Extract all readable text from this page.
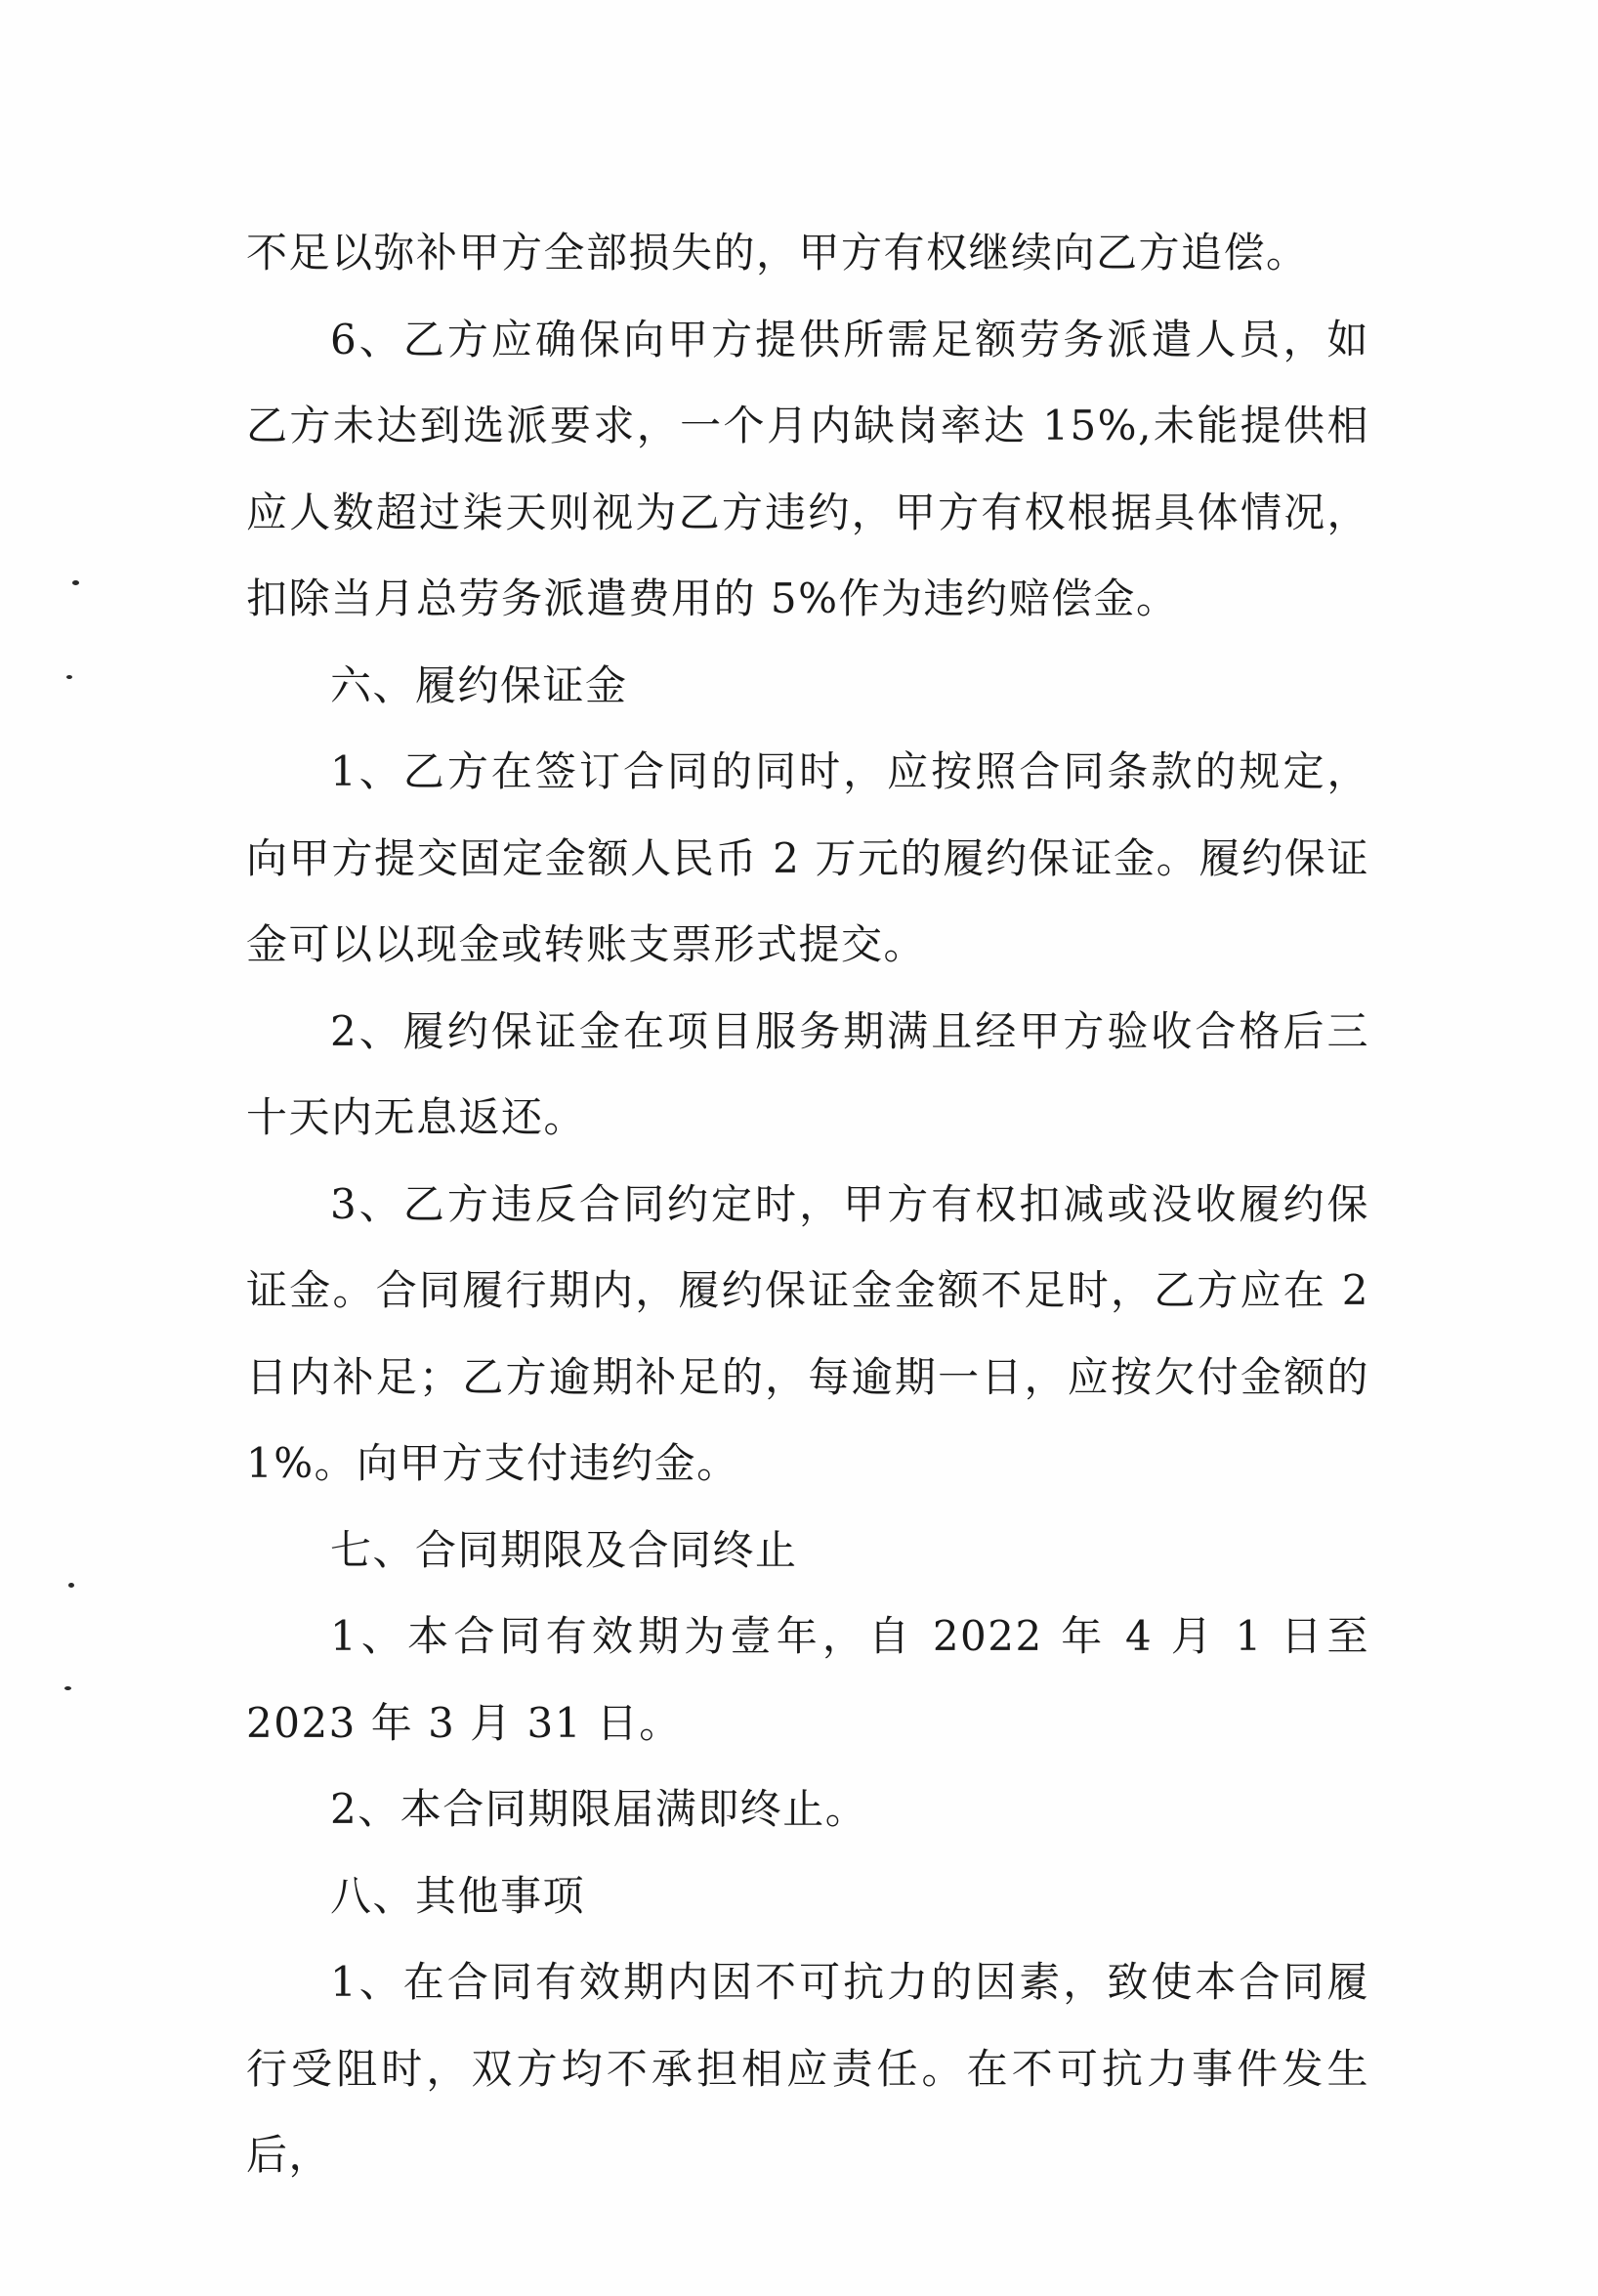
不足以弥补甲方全部损失的，甲方有权继续向乙方追偿。

6、乙方应确保向甲方提供所需足额劳务派遣人员，如乙方未达到选派要求，一个月内缺岗率达 15%,未能提供相应人数超过柒天则视为乙方违约，甲方有权根据具体情况，扣除当月总劳务派遣费用的 5%作为违约赔偿金。

六、履约保证金

1、乙方在签订合同的同时，应按照合同条款的规定，向甲方提交固定金额人民币 2 万元的履约保证金。履约保证金可以以现金或转账支票形式提交。

2、履约保证金在项目服务期满且经甲方验收合格后三十天内无息返还。

3、乙方违反合同约定时，甲方有权扣减或没收履约保证金。合同履行期内，履约保证金金额不足时，乙方应在 2 日内补足；乙方逾期补足的，每逾期一日，应按欠付金额的 1%。向甲方支付违约金。

七、合同期限及合同终止

1、本合同有效期为壹年，自 2022 年 4 月 1 日至 2023 年 3 月 31 日。

2、本合同期限届满即终止。

八、其他事项

1、在合同有效期内因不可抗力的因素，致使本合同履行受阻时，双方均不承担相应责任。在不可抗力事件发生后，
